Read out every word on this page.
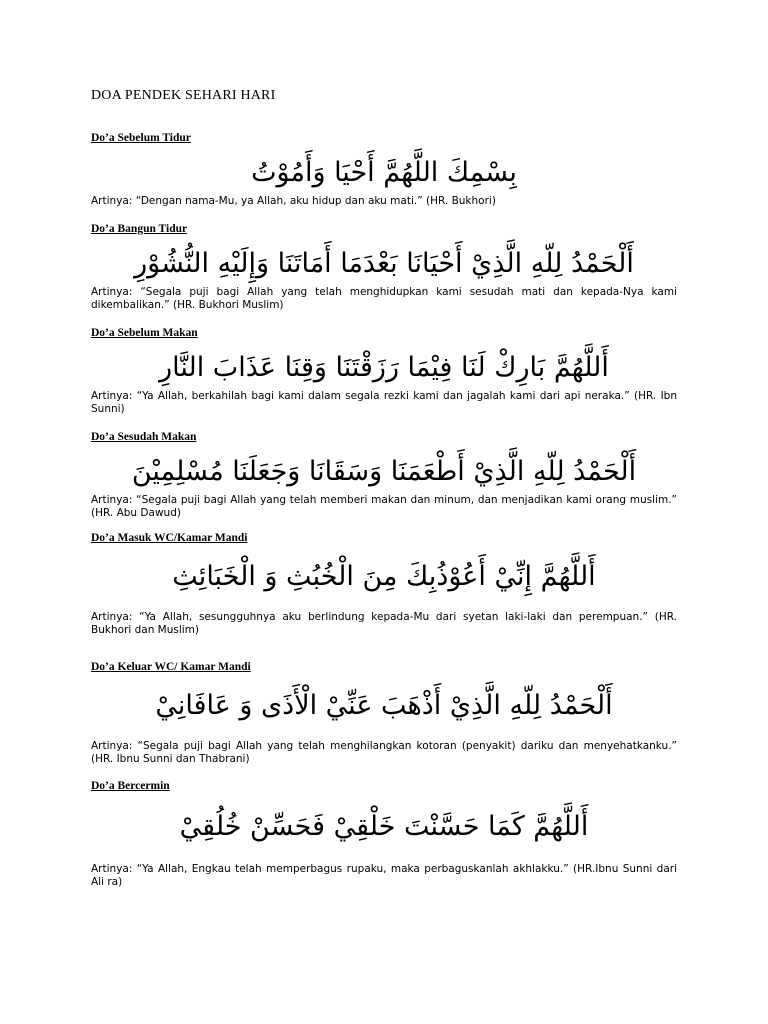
DOA PENDEK SEHARI HARI
Do’a Sebelum Tidur
بِسْمِكَ اللَّهُمَّ أَحْيَا وَأَمُوْتُ
Artinya: “Dengan nama-Mu, ya Allah, aku hidup dan aku mati.” (HR. Bukhori)
Do’a Bangun Tidur
أَلْحَمْدُ لِلّهِ الَّذِيْ أَحْيَانَا بَعْدَمَا أَمَاتَنَا وَإِلَيْهِ النُّشُوْرِ
Artinya: “Segala puji bagi Allah yang telah menghidupkan kami sesudah mati dan kepada-Nya kami dikembalikan.” (HR. Bukhori Muslim)
Do’a Sebelum Makan
أَللَّهُمَّ بَارِكْ لَنَا فِيْمَا رَزَقْتَنَا وَقِنَا عَذَابَ النَّارِ
Artinya: “Ya Allah, berkahilah bagi kami dalam segala rezki kami dan jagalah kami dari api neraka.” (HR. Ibn Sunni)
Do’a Sesudah Makan
أَلْحَمْدُ لِلّهِ الَّذِيْ أَطْعَمَنَا وَسَقَانَا وَجَعَلَنَا مُسْلِمِيْنَ
Artinya: “Segala puji bagi Allah yang telah memberi makan dan minum, dan menjadikan kami orang muslim.” (HR. Abu Dawud)
Do’a Masuk WC/Kamar Mandi
أَللَّهُمَّ إِنِّيْ أَعُوْذُبِكَ مِنَ الْخُبُثِ وَ الْخَبَائِثِ
Artinya: “Ya Allah, sesungguhnya aku berlindung kepada-Mu dari syetan laki-laki dan perempuan.” (HR. Bukhori dan Muslim)
Do’a Keluar WC/ Kamar Mandi
أَلْحَمْدُ لِلّهِ الَّذِيْ أَذْهَبَ عَنِّيْ الْأَذَى وَ عَافَانِيْ
Artinya: “Segala puji bagi Allah yang telah menghilangkan kotoran (penyakit) dariku dan menyehatkanku.” (HR. Ibnu Sunni dan Thabrani)
Do’a Bercermin
أَللَّهُمَّ كَمَا حَسَّنْتَ خَلْقِيْ فَحَسِّنْ خُلُقِيْ
Artinya: “Ya Allah, Engkau telah memperbagus rupaku, maka perbaguskanlah akhlakku.” (HR.Ibnu Sunni dari Ali ra)
